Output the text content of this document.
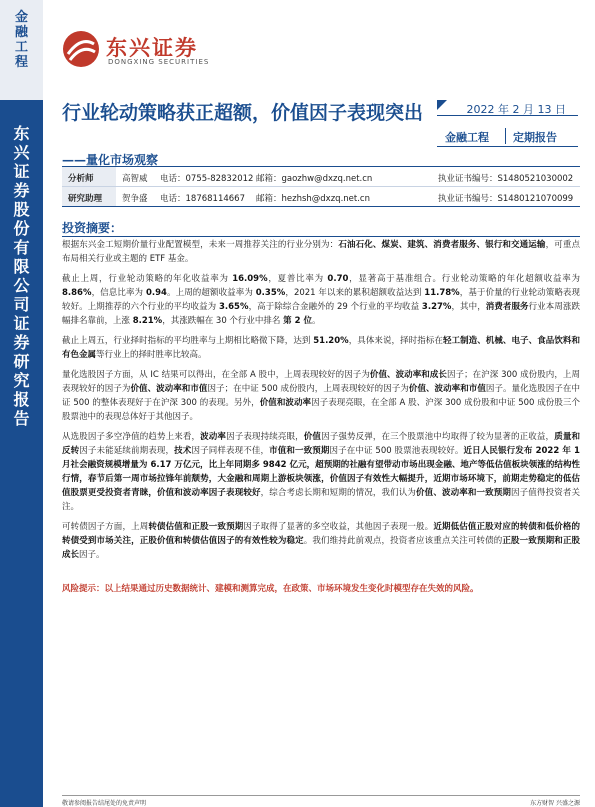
金
融
工
程
东
兴
证
券
股
份
有
限
公
司
证
券
研
究
报
告
东兴证券
DONGXING SECURITIES
行业轮动策略获正超额，价值因子表现突出
——量化市场观察
2022 年 2 月 13 日
金融工程 定期报告
分析师	高智威 电话：0755-82832012 邮箱：gaozhw@dxzq.net.cn	执业证书编号：S1480521030002
研究助理 贺争盛 电话：18768114667 邮箱：hezhsh@dxzq.net.cn	执业证书编号：S1480121070099
投资摘要：

根据东兴金工短期价量行业配置模型，未来一周推荐关注的行业分别为：石油石化、煤炭、建筑、消费者服务、银行和交通运输，可重点布局相关行业或主题的 ETF 基金。

截止上周，行业轮动策略的年化收益率为 16.09%，夏普比率为 0.70，显著高于基准组合。行业轮动策略的年化超额收益率为 8.86%，信息比率为 0.94。上周的超额收益率为 0.35%，2021 年以来的累积超额收益达到 11.78%，基于价量的行业轮动策略表现较好。上期推荐的六个行业的平均收益为 3.65%，高于除综合金融外的 29 个行业的平均收益 3.27%，其中，消费者服务行业本周涨跌幅排名靠前，上涨 8.21%，其涨跌幅在 30 个行业中排名 第 2 位。

截止上周五，行业择时指标的平均胜率与上期相比略微下降，达到 51.20%，具体来说，择时指标在轻工制造、机械、电子、食品饮料和有色金属等行业上的择时胜率比较高。

量化选股因子方面，从 IC 结果可以得出，在全部 A 股中，上周表现较好的因子为价值、波动率和成长因子；在沪深 300 成份股内，上周表现较好的因子为价值、波动率和市值因子；在中证 500 成份股内，上周表现较好的因子为价值、波动率和市值因子。量化选股因子在中证 500 的整体表现好于在沪深 300 的表现。另外，价值和波动率因子表现亮眼，在全部 A 股、沪深 300 成份股和中证 500 成份股三个股票池中的表现总体好于其他因子。

从选股因子多空净值的趋势上来看，波动率因子表现持续亮眼，价值因子强势反弹，在三个股票池中均取得了较为显著的正收益，质量和反转因子未能延续前期表现，技术因子同样表现不佳，市值和一致预期因子在中证 500 股票池表现较好。近日人民银行发布 2022 年 1 月社会融资规模增量为 6.17 万亿元，比上年同期多 9842 亿元，超预期的社融有望带动市场出现金融、地产等低估值板块领涨的结构性行情，春节后第一周市场拉锋年前颓势，大金融和周期上游板块领涨，价值因子有效性大幅提升，近期市场环境下，前期走势稳定的低估值股票更受投资者青睐，价值和波动率因子表现较好，综合考虑长期和短期的情况，我们认为价值、波动率和一致预期因子值得投资者关注。

可转债因子方面，上周转债估值和正股一致预期因子取得了显著的多空收益，其他因子表现一般。近期低估值正股对应的转债和低价格的转债受到市场关注，正股价值和转债估值因子的有效性较为稳定。我们维持此前观点，投资者应该重点关注可转债的正股一致预期和正股成长因子。

风险提示：以上结果通过历史数据统计、建模和测算完成，在政策、市场环境发生变化时模型存在失效的风险。
敬请参阅报告结尾处的免责声明	东方财智 兴盛之源
